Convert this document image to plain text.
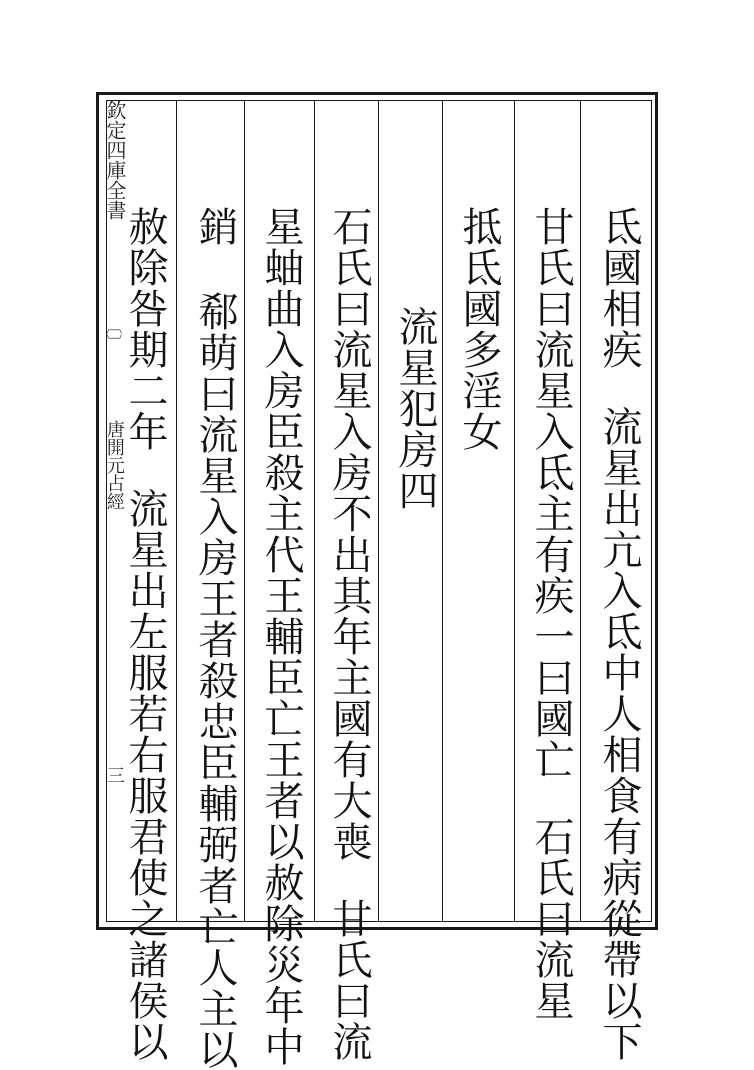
欽定四庫全書
〔〕
唐開元占經
三

氐國相疾流星出亢入氐中人相食有病從帶以下

甘氏曰流星入氐主有疾一曰國亡石氏曰流星

抵氐國多淫女

流星犯房四

石氏曰流星入房不出其年主國有大喪甘氏曰流

星蚰曲入房臣殺主代王輔臣亡王者以赦除災年中

銷郗萌曰流星入房王者殺忠臣輔弼者亡人主以

赦除咎期二年流星出左服若右服君使之諸侯以
